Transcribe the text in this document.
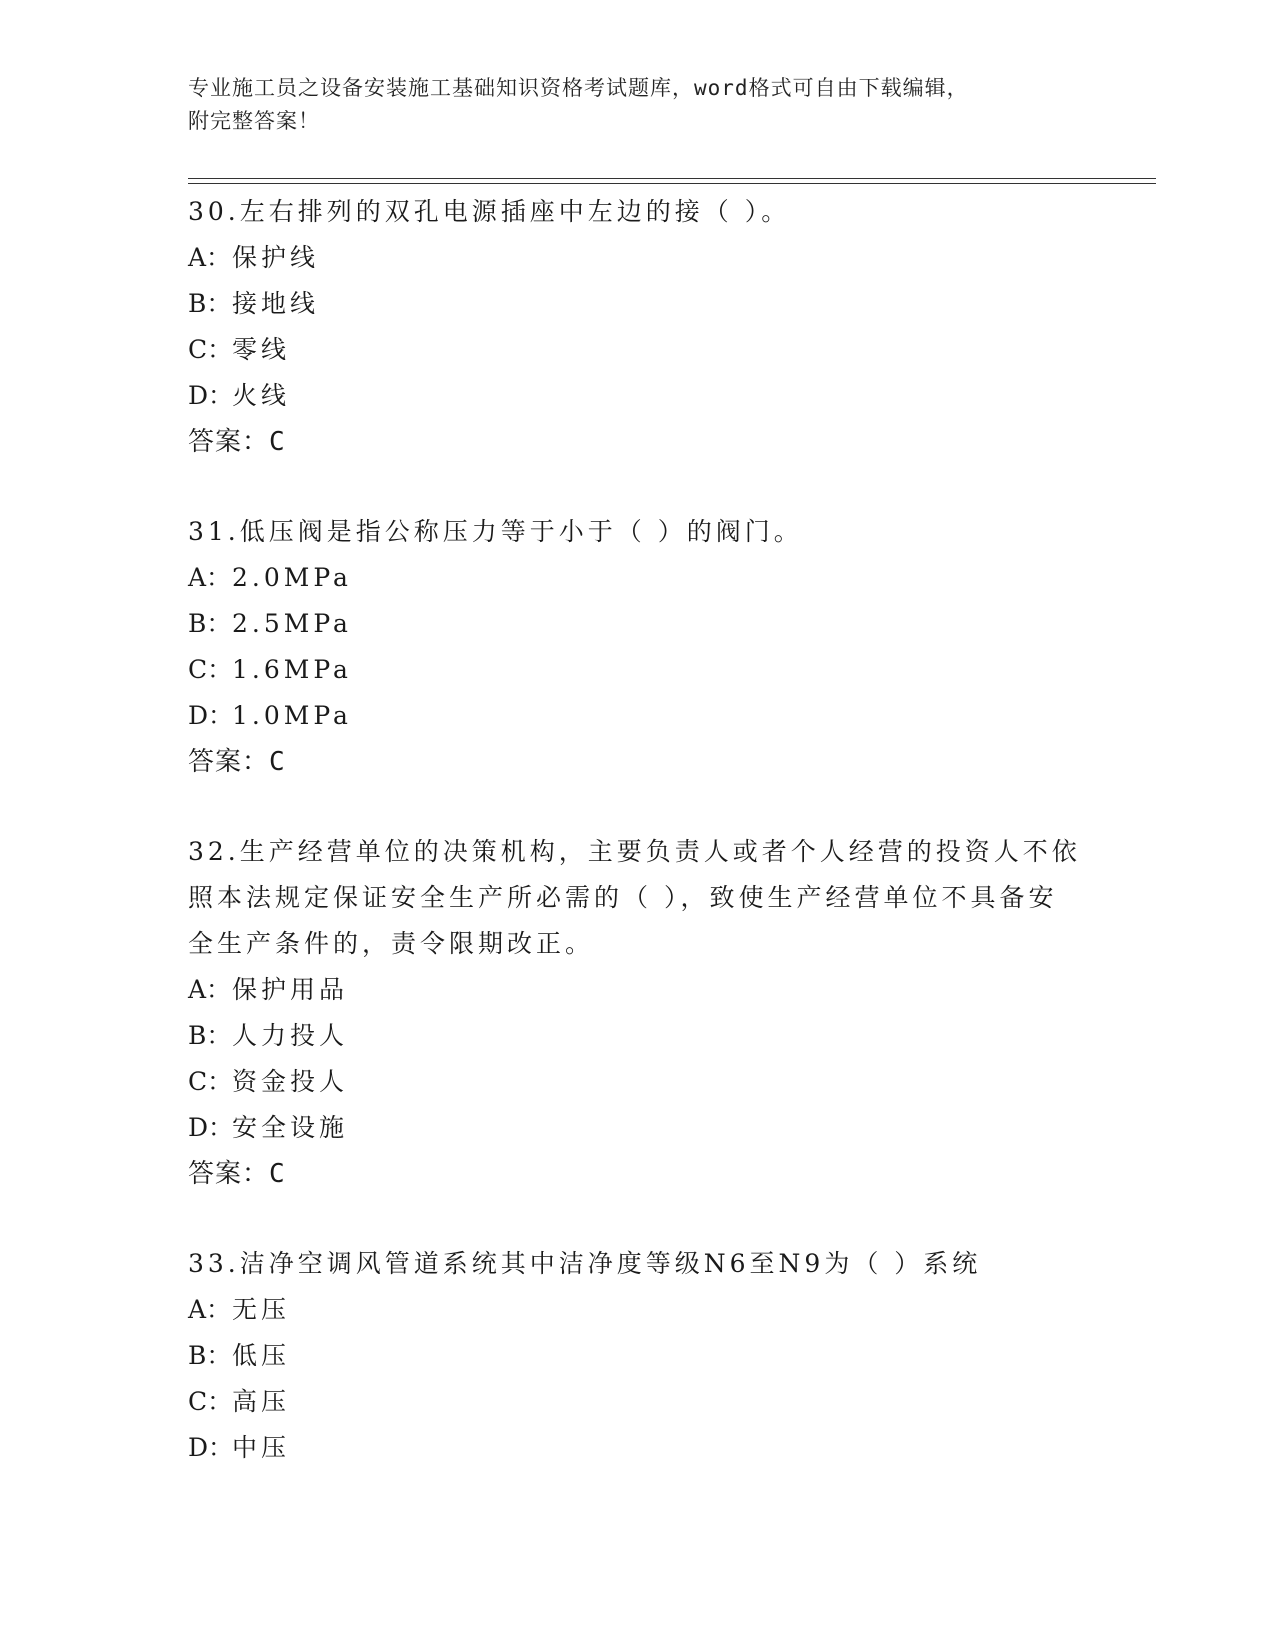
专业施工员之设备安装施工基础知识资格考试题库，word格式可自由下载编辑，
附完整答案！
30.左右排列的双孔电源插座中左边的接（ ）。
A：保护线
B：接地线
C：零线
D：火线
答案：C
31.低压阀是指公称压力等于小于（ ）的阀门。
A：2.0MPa
B：2.5MPa
C：1.6MPa
D：1.0MPa
答案：C
32.生产经营单位的决策机构，主要负责人或者个人经营的投资人不依
照本法规定保证安全生产所必需的（ ），致使生产经营单位不具备安
全生产条件的，责令限期改正。
A：保护用品
B：人力投人
C：资金投人
D：安全设施
答案：C
33.洁净空调风管道系统其中洁净度等级N6至N9为（ ）系统
A：无压
B：低压
C：高压
D：中压
